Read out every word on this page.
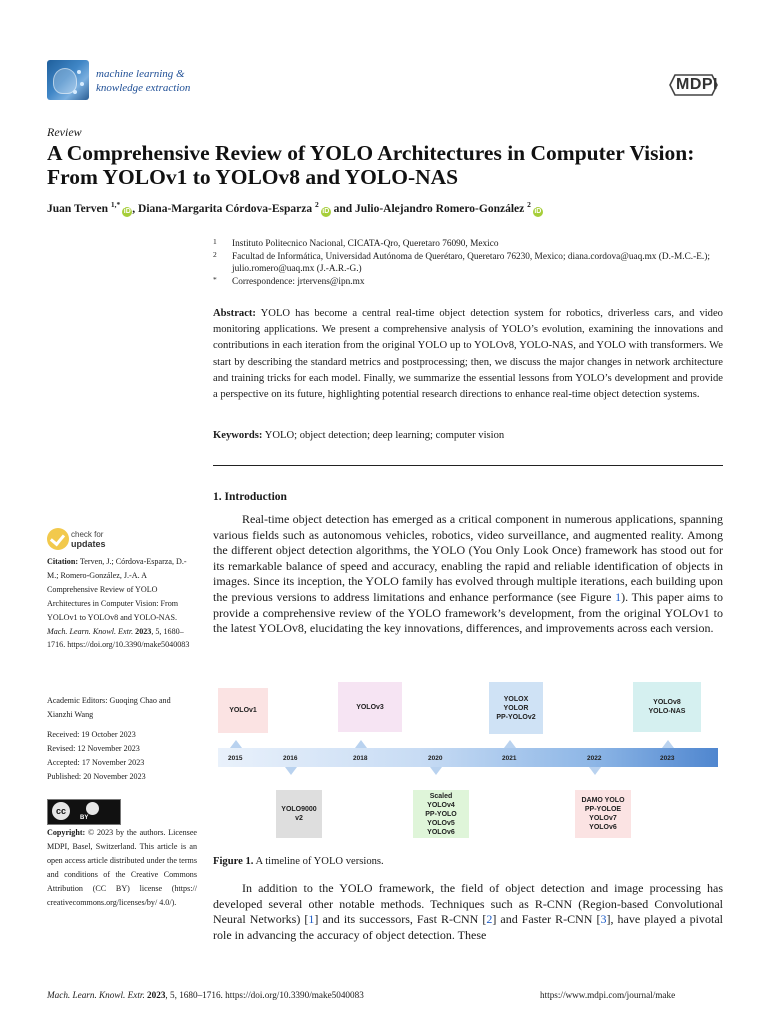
machine learning &
knowledge extraction	MDPI
Review
A Comprehensive Review of YOLO Architectures in Computer Vision: From YOLOv1 to YOLOv8 and YOLO-NAS
Juan Terven $^{1,*}$iD , Diana-Margarita Córdova-Esparza $^2$iD and Julio-Alejandro Romero-González $^2$iD
1 Instituto Politecnico Nacional, CICATA-Qro, Queretaro 76090, Mexico
2 Facultad de Informática, Universidad Autónoma de Querétaro, Queretaro 76230, Mexico; diana.cordova@uaq.mx (D.-M.C.-E.); julio.romero@uaq.mx (J.-A.R.-G.)
* Correspondence: jrtervens@ipn.mx
Abstract: YOLO has become a central real-time object detection system for robotics, driverless cars, and video monitoring applications. We present a comprehensive analysis of YOLO’s evolution, examining the innovations and contributions in each iteration from the original YOLO up to YOLOv8, YOLO-NAS, and YOLO with transformers. We start by describing the standard metrics and postprocessing; then, we discuss the major changes in network architecture and training tricks for each model. Finally, we summarize the essential lessons from YOLO’s development and provide a perspective on its future, highlighting potential research directions to enhance real-time object detection systems.
Keywords: YOLO; object detection; deep learning; computer vision
check for
updates
Citation: Terven, J.; Córdova-Esparza, D.-M.; Romero-González, J.-A. A Comprehensive Review of YOLO Architectures in Computer Vision: From YOLOv1 to YOLOv8 and YOLO-NAS. Mach. Learn. Knowl. Extr. 2023, 5, 1680–1716. https://doi.org/10.3390/make5040083
Academic Editors: Guoqing Chao and Xianzhi Wang
Received: 19 October 2023
Revised: 12 November 2023
Accepted: 17 November 2023
Published: 20 November 2023
cc
BY
Copyright: © 2023 by the authors. Licensee MDPI, Basel, Switzerland. This article is an open access article distributed under the terms and conditions of the Creative Commons Attribution (CC BY) license (https:// creativecommons.org/licenses/by/ 4.0/).
1. Introduction
Real-time object detection has emerged as a critical component in numerous applications, spanning various fields such as autonomous vehicles, robotics, video surveillance, and augmented reality. Among the different object detection algorithms, the YOLO (You Only Look Once) framework has stood out for its remarkable balance of speed and accuracy, enabling the rapid and reliable identification of objects in images. Since its inception, the YOLO family has evolved through multiple iterations, each building upon the previous versions to address limitations and enhance performance (see Figure 1). This paper aims to provide a comprehensive review of the YOLO framework’s development, from the original YOLOv1 to the latest YOLOv8, elucidating the key innovations, differences, and improvements across each version.
2015	2016	2018	2020	2021	2022	2023
YOLOv1	YOLOv3
YOLOX
YOLOR
PP-YOLOv2
YOLOv8
YOLO-NAS
YOLO9000
v2
Scaled
YOLOv4
PP-YOLO
YOLOv5
YOLOv6
DAMO YOLO
PP-YOLOE
YOLOv7
YOLOv6
Figure 1. A timeline of YOLO versions.
In addition to the YOLO framework, the field of object detection and image processing has developed several other notable methods. Techniques such as R-CNN (Region-based Convolutional Neural Networks) [1] and its successors, Fast R-CNN [2] and Faster R-CNN [3], have played a pivotal role in advancing the accuracy of object detection. These
Mach. Learn. Knowl. Extr. 2023, 5, 1680–1716. https://doi.org/10.3390/make5040083	https://www.mdpi.com/journal/make
